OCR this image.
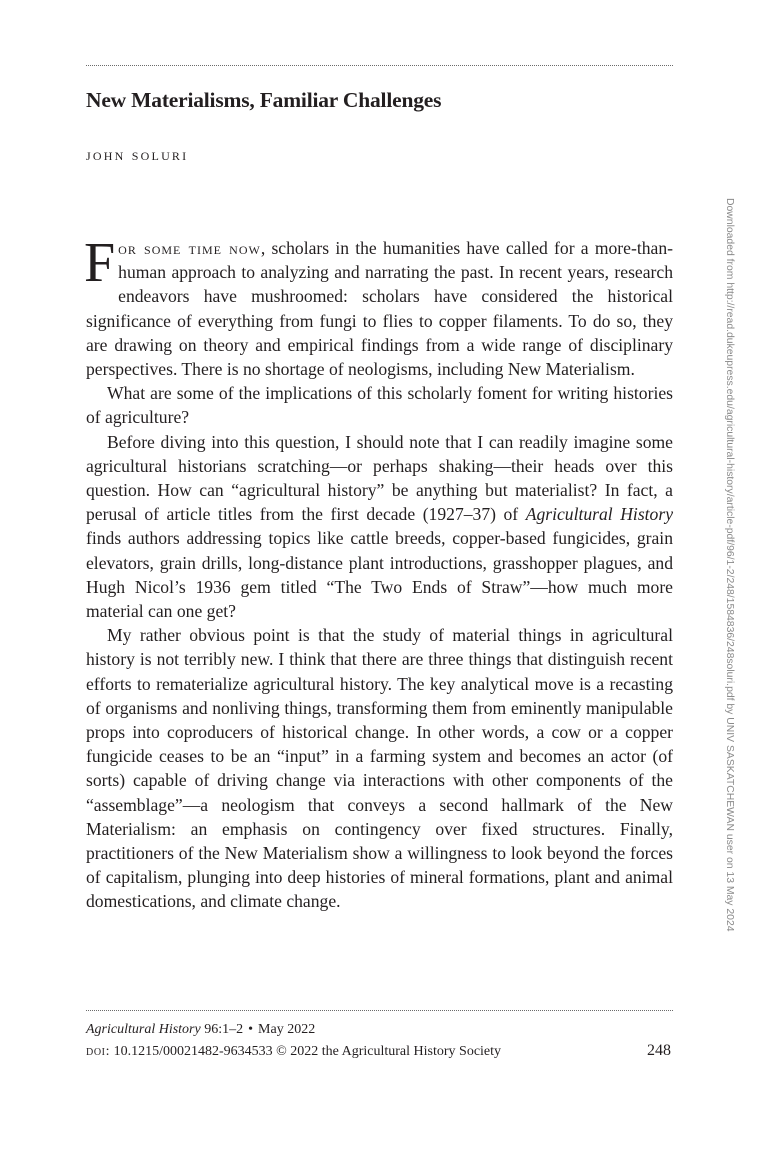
New Materialisms, Familiar Challenges
john soluri

For some time now, scholars in the humanities have called for a more-than-human approach to analyzing and narrating the past. In recent years, research endeavors have mushroomed: scholars have considered the historical significance of everything from fungi to flies to copper filaments. To do so, they are drawing on theory and empirical findings from a wide range of disciplinary perspectives. There is no shortage of neologisms, including New Materialism.

What are some of the implications of this scholarly foment for writing histories of agriculture?

Before diving into this question, I should note that I can readily imagine some agricultural historians scratching—or perhaps shaking—their heads over this question. How can “agricultural history” be anything but materialist? In fact, a perusal of article titles from the first decade (1927–37) of Agricultural History finds authors addressing topics like cattle breeds, copper-based fungicides, grain elevators, grain drills, long-distance plant introductions, grasshopper plagues, and Hugh Nicol’s 1936 gem titled “The Two Ends of Straw”—how much more material can one get?

My rather obvious point is that the study of material things in agricultural history is not terribly new. I think that there are three things that distinguish recent efforts to rematerialize agricultural history. The key analytical move is a recasting of organisms and nonliving things, transforming them from eminently manipulable props into coproducers of historical change. In other words, a cow or a copper fungicide ceases to be an “input” in a farming system and becomes an actor (of sorts) capable of driving change via interactions with other components of the “assemblage”—a neologism that conveys a second hallmark of the New Materialism: an emphasis on contingency over fixed structures. Finally, practitioners of the New Materialism show a willingness to look beyond the forces of capitalism, plunging into deep histories of mineral formations, plant and animal domestications, and climate change.

Agricultural History 96:1–2 • May 2022
doi: 10.1215/00021482-9634533 © 2022 the Agricultural History Society	248
Downloaded from http://read.dukeupress.edu/agricultural-history/article-pdf/96/1-2/248/1584836/248soluri.pdf by UNIV SASKATCHEWAN user on 13 May 2024
